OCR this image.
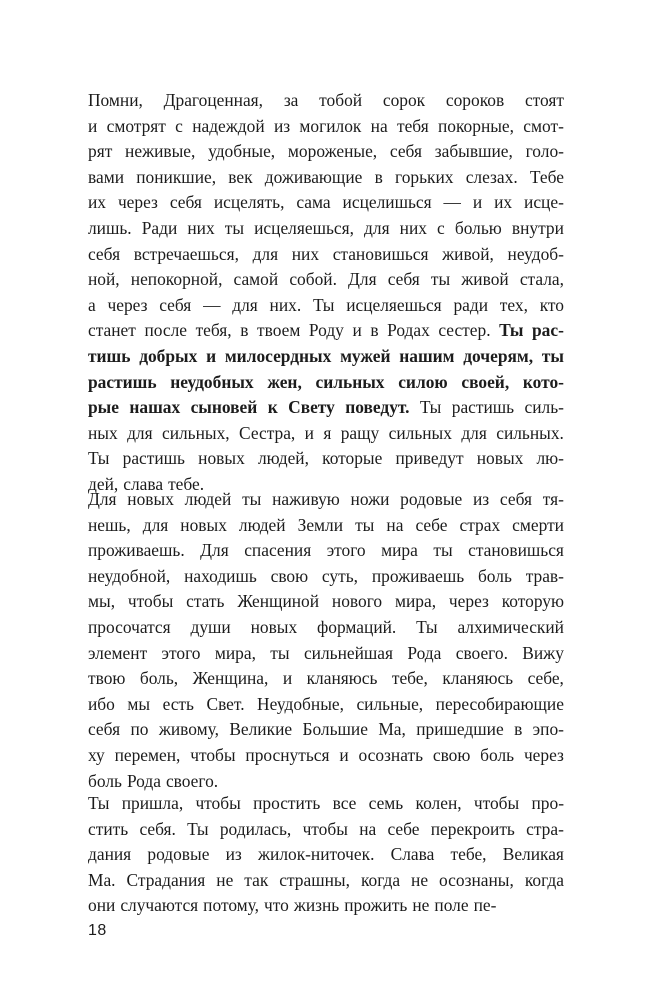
Помни, Драгоценная, за тобой сорок сороков стоят
и смотрят с надеждой из могилок на тебя покорные, смот-
рят неживые, удобные, мороженые, себя забывшие, голо-
вами поникшие, век доживающие в горьких слезах. Тебе
их через себя исцелять, сама исцелишься — и их исце-
лишь. Ради них ты исцеляешься, для них с болью внутри
себя встречаешься, для них становишься живой, неудоб-
ной, непокорной, самой собой. Для себя ты живой стала,
а через себя — для них. Ты исцеляешься ради тех, кто
станет после тебя, в твоем Роду и в Родах сестер. Ты рас-
тишь добрых и милосердных мужей нашим дочерям, ты
растишь неудобных жен, сильных силою своей, кото-
рые нашах сыновей к Свету поведут. Ты растишь силь-
ных для сильных, Сестра, и я ращу сильных для сильных.
Ты растишь новых людей, которые приведут новых лю-
дей, слава тебе.
Для новых людей ты наживую ножи родовые из себя тя-
нешь, для новых людей Земли ты на себе страх смерти
проживаешь. Для спасения этого мира ты становишься
неудобной, находишь свою суть, проживаешь боль трав-
мы, чтобы стать Женщиной нового мира, через которую
просочатся души новых формаций. Ты алхимический
элемент этого мира, ты сильнейшая Рода своего. Вижу
твою боль, Женщина, и кланяюсь тебе, кланяюсь себе,
ибо мы есть Свет. Неудобные, сильные, пересобирающие
себя по живому, Великие Большие Ма, пришедшие в эпо-
ху перемен, чтобы проснуться и осознать свою боль через
боль Рода своего.
Ты пришла, чтобы простить все семь колен, чтобы про-
стить себя. Ты родилась, чтобы на себе перекроить стра-
дания родовые из жилок-ниточек. Слава тебе, Великая
Ма. Страдания не так страшны, когда не осознаны, когда
они случаются потому, что жизнь прожить не поле пе-
18
